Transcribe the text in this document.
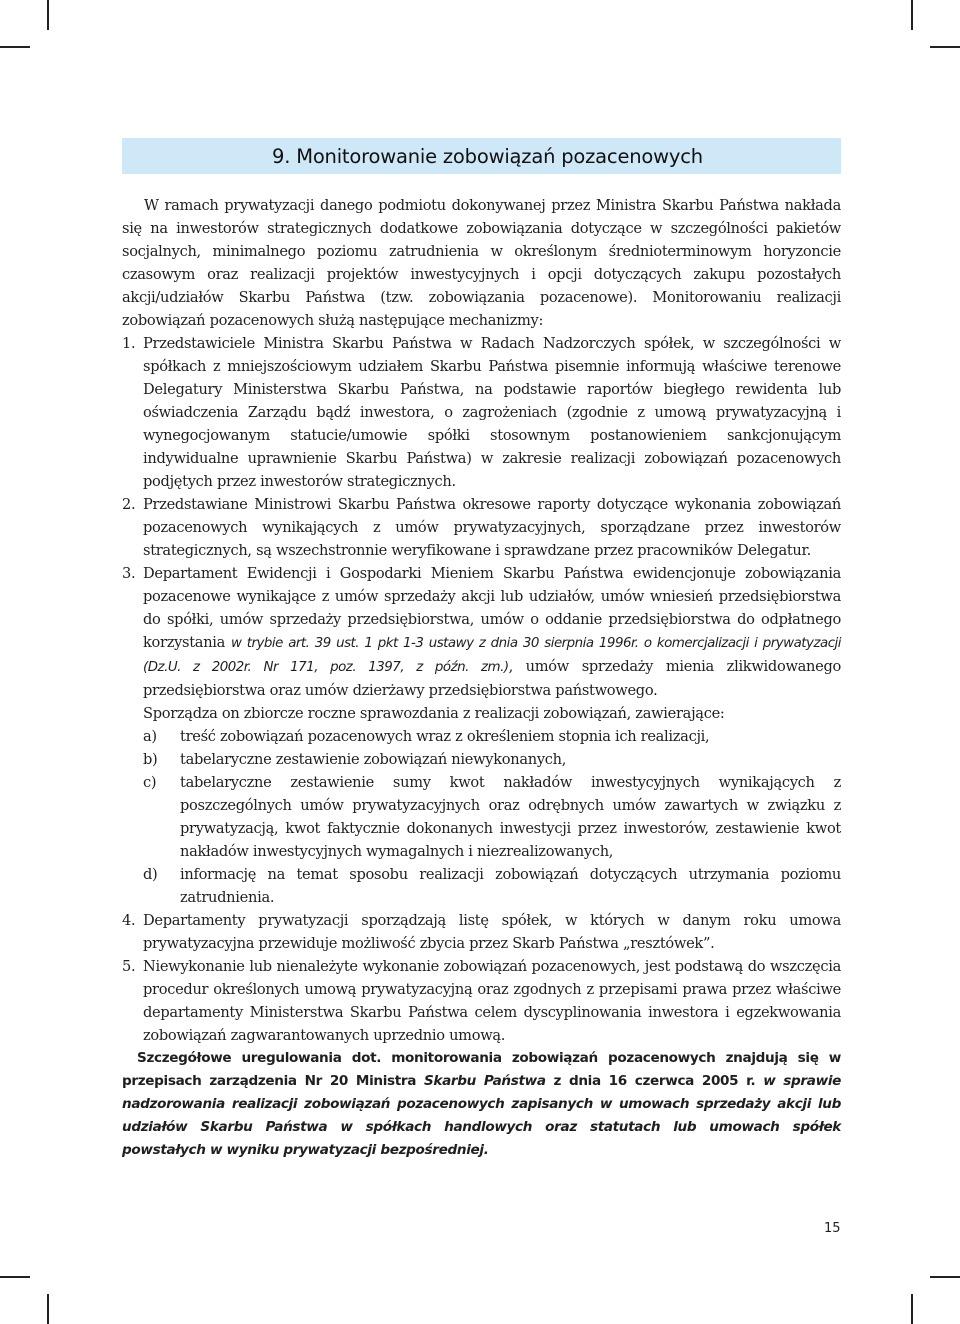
9. Monitorowanie zobowiązań pozacenowych

W ramach prywatyzacji danego podmiotu dokonywanej przez Ministra Skarbu Państwa nakłada się na inwestorów strategicznych dodatkowe zobowiązania dotyczące w szczególności pakietów socjalnych, minimalnego poziomu zatrudnienia w określonym średnioterminowym horyzoncie czasowym oraz realizacji projektów inwestycyjnych i opcji dotyczących zakupu pozostałych akcji/udziałów Skarbu Państwa (tzw. zobowiązania pozacenowe). Monitorowaniu realizacji zobowiązań pozacenowych służą następujące mechanizmy:

1. Przedstawiciele Ministra Skarbu Państwa w Radach Nadzorczych spółek, w szczególności w spółkach z mniejszościowym udziałem Skarbu Państwa pisemnie informują właściwe terenowe Delegatury Ministerstwa Skarbu Państwa, na podstawie raportów biegłego rewidenta lub oświadczenia Zarządu bądź inwestora, o zagrożeniach (zgodnie z umową prywatyzacyjną i wynegocjowanym statucie/umowie spółki stosownym postanowieniem sankcjonującym indywidualne uprawnienie Skarbu Państwa) w zakresie realizacji zobowiązań pozacenowych podjętych przez inwestorów strategicznych.
2. Przedstawiane Ministrowi Skarbu Państwa okresowe raporty dotyczące wykonania zobowiązań pozacenowych wynikających z umów prywatyzacyjnych, sporządzane przez inwestorów strategicznych, są wszechstronnie weryfikowane i sprawdzane przez pracowników Delegatur.
3. Departament Ewidencji i Gospodarki Mieniem Skarbu Państwa ewidencjonuje zobowiązania pozacenowe wynikające z umów sprzedaży akcji lub udziałów, umów wniesień przedsiębiorstwa do spółki, umów sprzedaży przedsiębiorstwa, umów o oddanie przedsiębiorstwa do odpłatnego korzystania w trybie art. 39 ust. 1 pkt 1-3 ustawy z dnia 30 sierpnia 1996r. o komercjalizacji i prywatyzacji (Dz.U. z 2002r. Nr 171, poz. 1397, z późn. zm.), umów sprzedaży mienia zlikwidowanego przedsiębiorstwa oraz umów dzierżawy przedsiębiorstwa państwowego.

Sporządza on zbiorcze roczne sprawozdania z realizacji zobowiązań, zawierające:

a) treść zobowiązań pozacenowych wraz z określeniem stopnia ich realizacji,
b) tabelaryczne zestawienie zobowiązań niewykonanych,
c) tabelaryczne zestawienie sumy kwot nakładów inwestycyjnych wynikających z poszczególnych umów prywatyzacyjnych oraz odrębnych umów zawartych w związku z prywatyzacją, kwot faktycznie dokonanych inwestycji przez inwestorów, zestawienie kwot nakładów inwestycyjnych wymagalnych i niezrealizowanych,
d) informację na temat sposobu realizacji zobowiązań dotyczących utrzymania poziomu zatrudnienia.
4. Departamenty prywatyzacji sporządzają listę spółek, w których w danym roku umowa prywatyzacyjna przewiduje możliwość zbycia przez Skarb Państwa „resztówek”.
5. Niewykonanie lub nienależyte wykonanie zobowiązań pozacenowych, jest podstawą do wszczęcia procedur określonych umową prywatyzacyjną oraz zgodnych z przepisami prawa przez właściwe departamenty Ministerstwa Skarbu Państwa celem dyscyplinowania inwestora i egzekwowania zobowiązań zagwarantowanych uprzednio umową.

Szczegółowe uregulowania dot. monitorowania zobowiązań pozacenowych znajdują się w przepisach zarządzenia Nr 20 Ministra Skarbu Państwa z dnia 16 czerwca 2005 r. w sprawie nadzorowania realizacji zobowiązań pozacenowych zapisanych w umowach sprzedaży akcji lub udziałów Skarbu Państwa w spółkach handlowych oraz statutach lub umowach spółek powstałych w wyniku prywatyzacji bezpośredniej.

15
